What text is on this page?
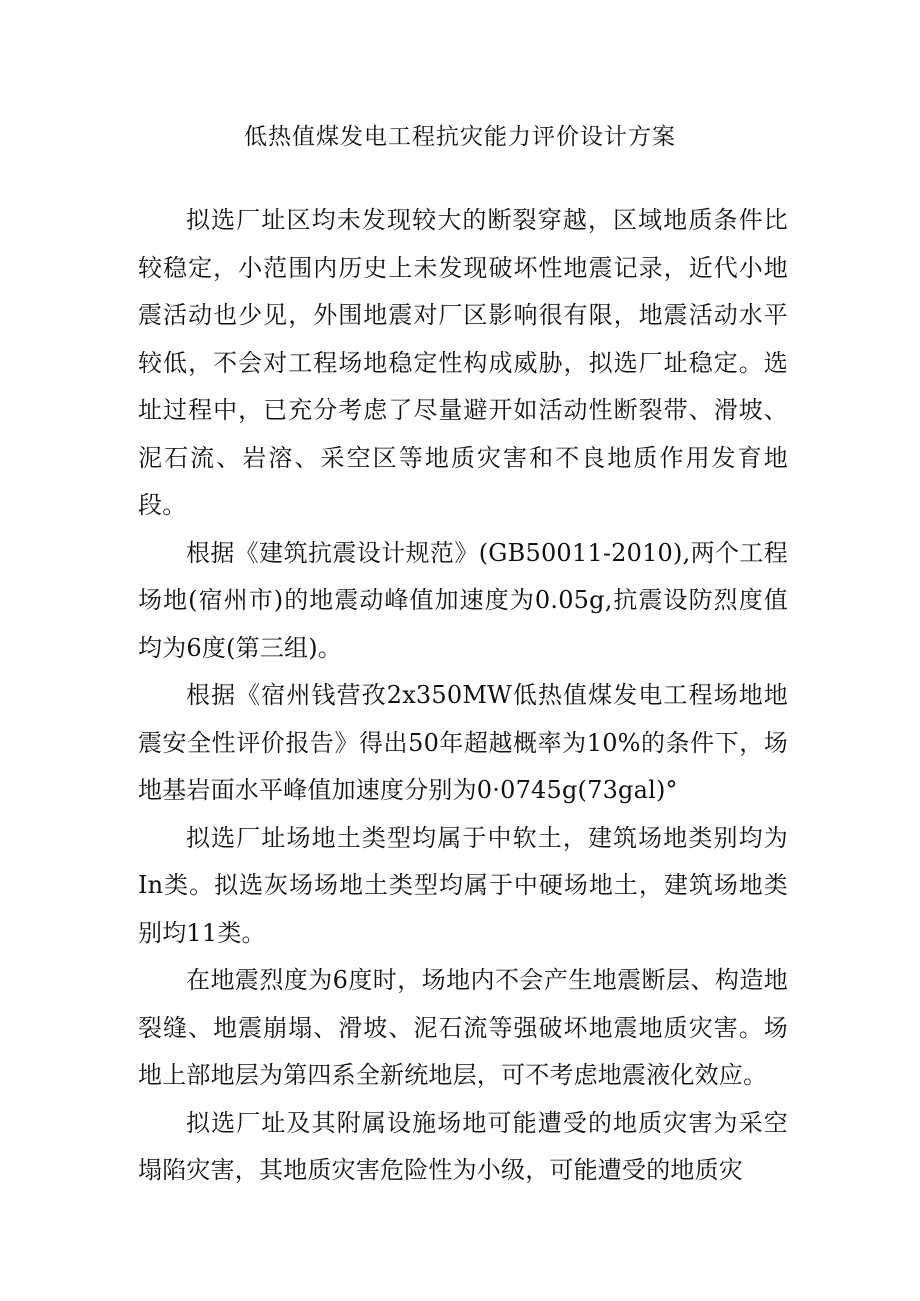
低热值煤发电工程抗灾能力评价设计方案

拟选厂址区均未发现较大的断裂穿越，区域地质条件比较稳定，小范围内历史上未发现破坏性地震记录，近代小地震活动也少见，外围地震对厂区影响很有限，地震活动水平较低，不会对工程场地稳定性构成威胁，拟选厂址稳定。选址过程中，已充分考虑了尽量避开如活动性断裂带、滑坡、泥石流、岩溶、采空区等地质灾害和不良地质作用发育地段。

根据《建筑抗震设计规范》(GB50011-2010),两个工程场地(宿州市)的地震动峰值加速度为0.05g,抗震设防烈度值均为6度(第三组)。

根据《宿州钱营孜2x350MW低热值煤发电工程场地地震安全性评价报告》得出50年超越概率为10%的条件下，场地基岩面水平峰值加速度分别为0·0745g(73gal)°

拟选厂址场地土类型均属于中软土，建筑场地类别均为In类。拟选灰场场地土类型均属于中硬场地土，建筑场地类别均11类。

在地震烈度为6度时，场地内不会产生地震断层、构造地裂缝、地震崩塌、滑坡、泥石流等强破坏地震地质灾害。场地上部地层为第四系全新统地层，可不考虑地震液化效应。

拟选厂址及其附属设施场地可能遭受的地质灾害为采空塌陷灾害，其地质灾害危险性为小级，可能遭受的地质灾
